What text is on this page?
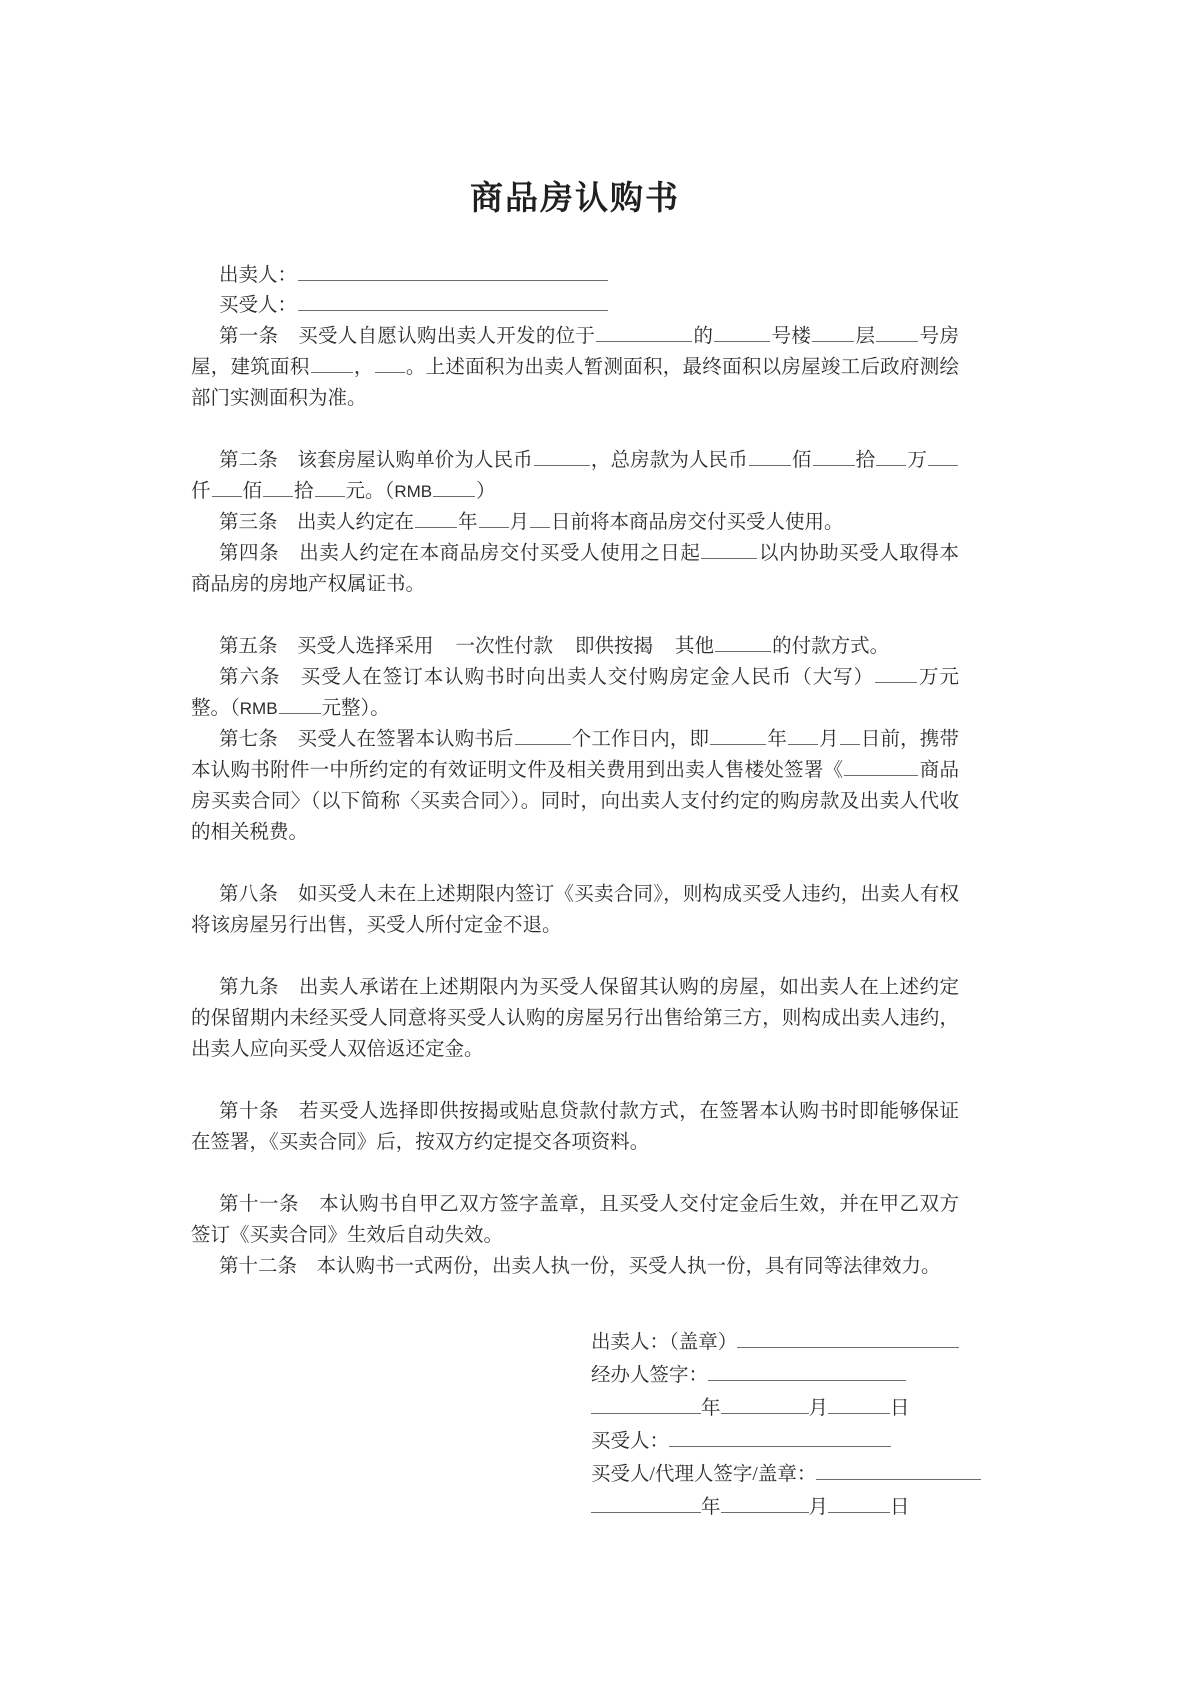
商品房认购书
出卖人：
买受人：

第一条　买受人自愿认购出卖人开发的位于	的	号楼 层 号房屋，建筑面积 ， 。上述面积为出卖人暂测面积，最终面积以房屋竣工后政府测绘部门实测面积为准。

第二条　该套房屋认购单价为人民币	，总房款为人民币 佰 拾 万仟 佰 拾 元。（RMB ）

第三条　出卖人约定在 年 月 日前将本商品房交付买受人使用。

第四条　出卖人约定在本商品房交付买受人使用之日起	以内协助买受人取得本商品房的房地产权属证书。

第五条　买受人选择采用 一次性付款 即供按揭 其他	的付款方式。

第六条　买受人在签订本认购书时向出卖人交付购房定金人民币（大写） 万元整。（RMB 元整）。

第七条　买受人在签署本认购书后	个工作日内，即	年 月 日前，携带本认购书附件一中所约定的有效证明文件及相关费用到出卖人售楼处签署《	商品房买卖合同〉（以下简称〈买卖合同〉）。同时，向出卖人支付约定的购房款及出卖人代收的相关税费。

第八条　如买受人未在上述期限内签订《买卖合同》，则构成买受人违约，出卖人有权将该房屋另行出售，买受人所付定金不退。

第九条　出卖人承诺在上述期限内为买受人保留其认购的房屋，如出卖人在上述约定的保留期内未经买受人同意将买受人认购的房屋另行出售给第三方，则构成出卖人违约，出卖人应向买受人双倍返还定金。

第十条　若买受人选择即供按揭或贴息贷款付款方式，在签署本认购书时即能够保证在签署，《买卖合同》后，按双方约定提交各项资料。

第十一条　本认购书自甲乙双方签字盖章，且买受人交付定金后生效，并在甲乙双方签订《买卖合同》生效后自动失效。

第十二条　本认购书一式两份，出卖人执一份，买受人执一份，具有同等法律效力。

出卖人：（盖章）
经办人签字：
年	月	日
买受人：
买受人/代理人签字/盖章：
年	月	日
